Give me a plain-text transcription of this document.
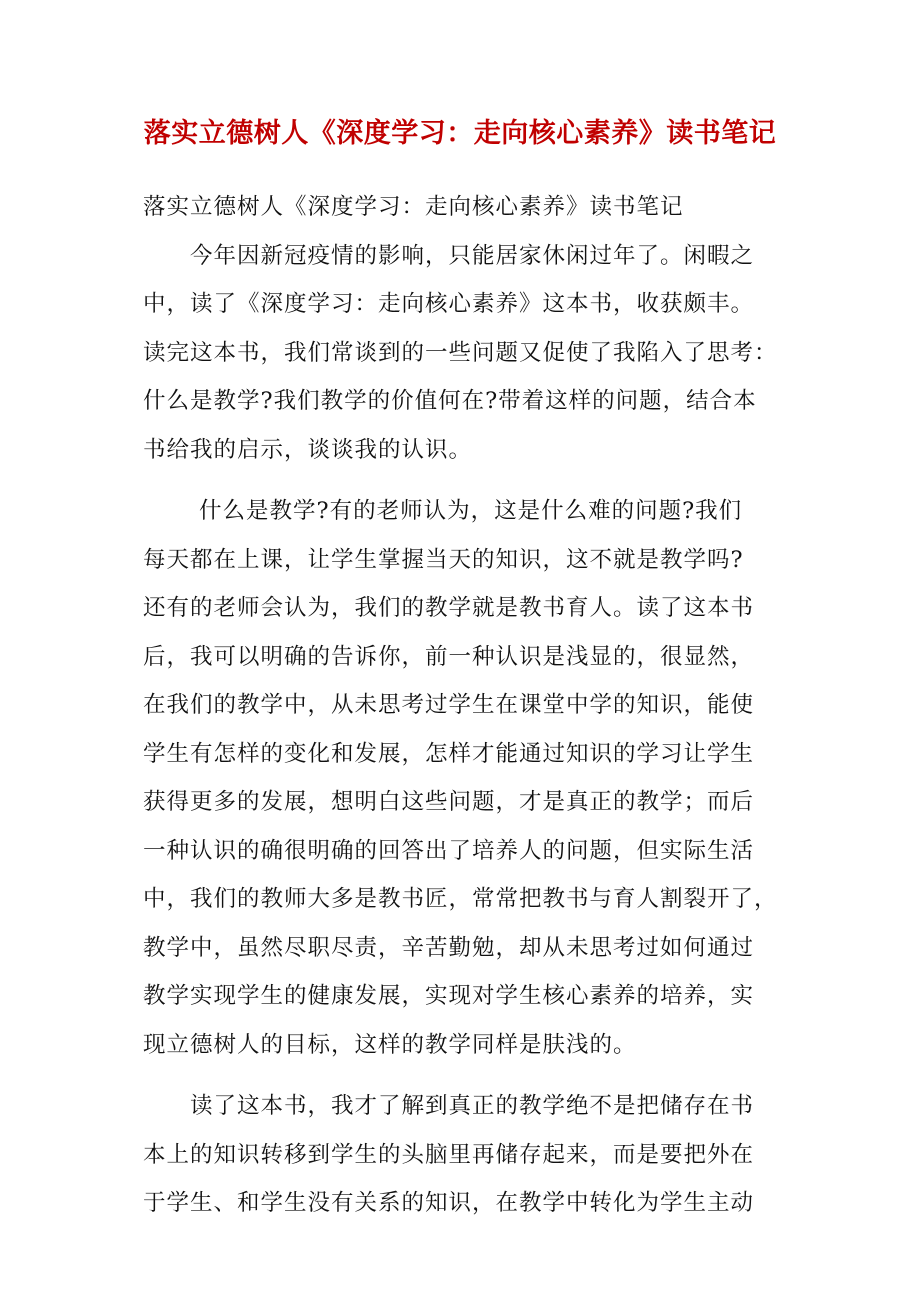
落实立德树人《深度学习：走向核心素养》读书笔记
落实立德树人《深度学习：走向核心素养》读书笔记
今年因新冠疫情的影响，只能居家休闲过年了。闲暇之
中，读了《深度学习：走向核心素养》这本书，收获颇丰。
读完这本书，我们常谈到的一些问题又促使了我陷入了思考：
什么是教学?我们教学的价值何在?带着这样的问题，结合本
书给我的启示，谈谈我的认识。
什么是教学?有的老师认为，这是什么难的问题?我们
每天都在上课，让学生掌握当天的知识，这不就是教学吗?
还有的老师会认为，我们的教学就是教书育人。读了这本书
后，我可以明确的告诉你，前一种认识是浅显的，很显然，
在我们的教学中，从未思考过学生在课堂中学的知识，能使
学生有怎样的变化和发展，怎样才能通过知识的学习让学生
获得更多的发展，想明白这些问题，才是真正的教学；而后
一种认识的确很明确的回答出了培养人的问题，但实际生活
中，我们的教师大多是教书匠，常常把教书与育人割裂开了，
教学中，虽然尽职尽责，辛苦勤勉，却从未思考过如何通过
教学实现学生的健康发展，实现对学生核心素养的培养，实
现立德树人的目标，这样的教学同样是肤浅的。
读了这本书，我才了解到真正的教学绝不是把储存在书
本上的知识转移到学生的头脑里再储存起来，而是要把外在
于学生、和学生没有关系的知识，在教学中转化为学生主动
